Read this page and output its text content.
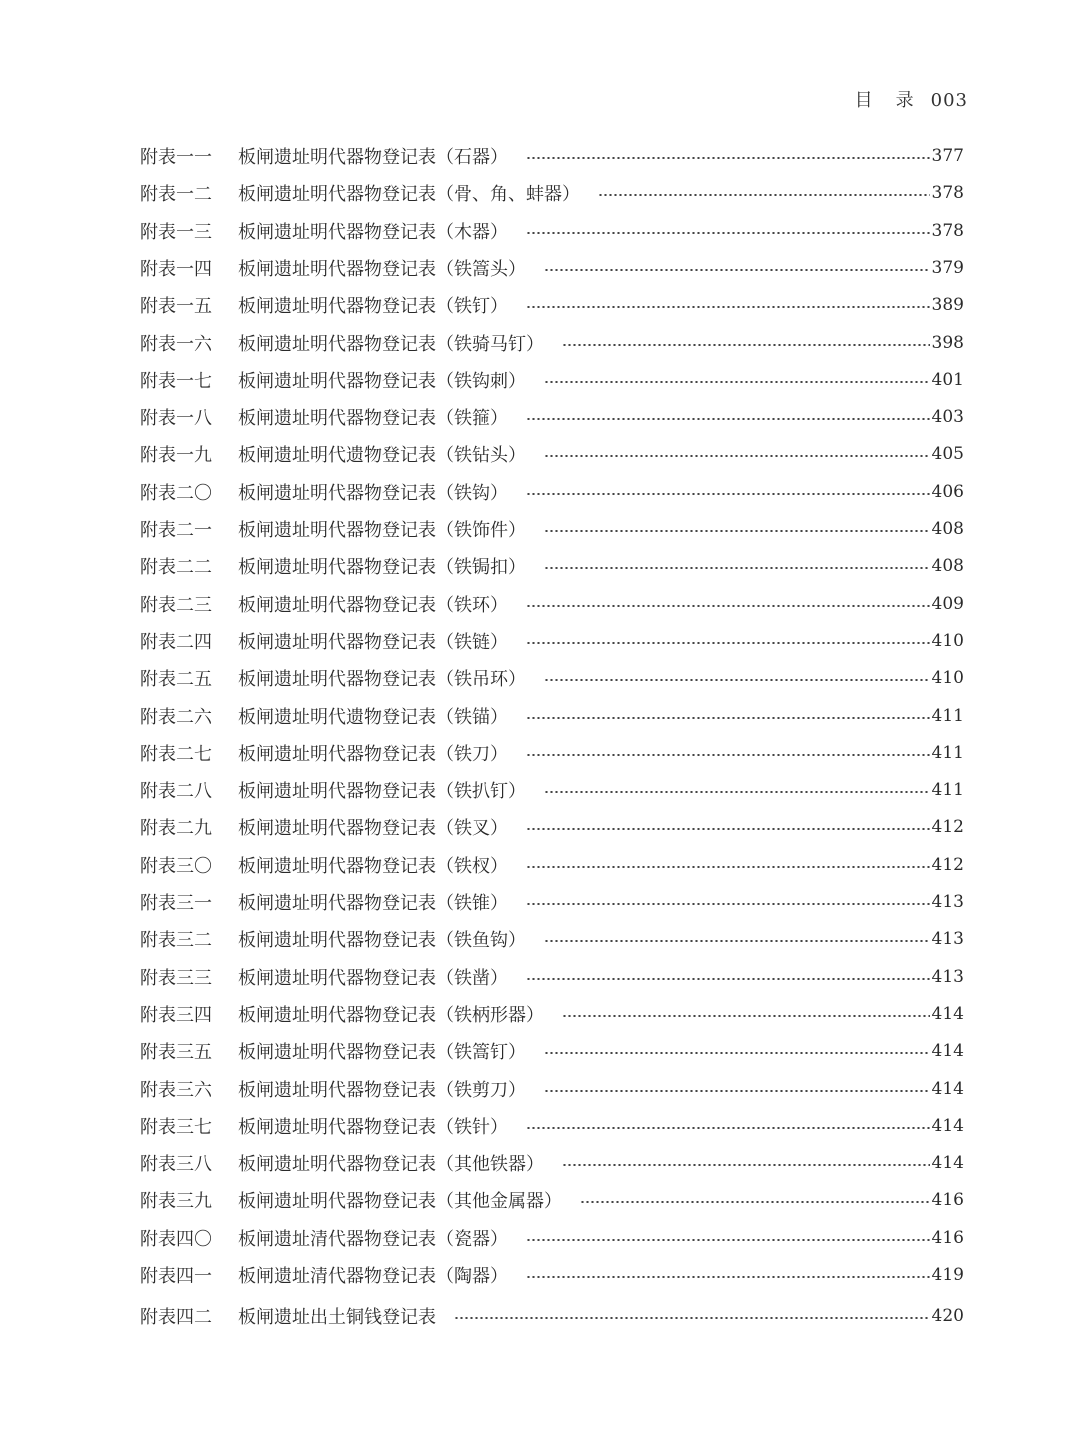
目 录 003
附表一一	板闸遗址明代器物登记表（石器）	377
附表一二	板闸遗址明代器物登记表（骨、角、蚌器）	378
附表一三	板闸遗址明代器物登记表（木器）	378
附表一四	板闸遗址明代器物登记表（铁篙头）	379
附表一五	板闸遗址明代器物登记表（铁钉）	389
附表一六	板闸遗址明代器物登记表（铁骑马钉）	398
附表一七	板闸遗址明代器物登记表（铁钩刺）	401
附表一八	板闸遗址明代器物登记表（铁箍）	403
附表一九	板闸遗址明代遗物登记表（铁钻头）	405
附表二〇	板闸遗址明代器物登记表（铁钩）	406
附表二一	板闸遗址明代器物登记表（铁饰件）	408
附表二二	板闸遗址明代器物登记表（铁锔扣）	408
附表二三	板闸遗址明代器物登记表（铁环）	409
附表二四	板闸遗址明代器物登记表（铁链）	410
附表二五	板闸遗址明代器物登记表（铁吊环）	410
附表二六	板闸遗址明代遗物登记表（铁锚）	411
附表二七	板闸遗址明代器物登记表（铁刀）	411
附表二八	板闸遗址明代器物登记表（铁扒钉）	411
附表二九	板闸遗址明代器物登记表（铁叉）	412
附表三〇	板闸遗址明代器物登记表（铁杈）	412
附表三一	板闸遗址明代器物登记表（铁锥）	413
附表三二	板闸遗址明代器物登记表（铁鱼钩）	413
附表三三	板闸遗址明代器物登记表（铁凿）	413
附表三四	板闸遗址明代器物登记表（铁柄形器）	414
附表三五	板闸遗址明代器物登记表（铁篙钉）	414
附表三六	板闸遗址明代器物登记表（铁剪刀）	414
附表三七	板闸遗址明代器物登记表（铁针）	414
附表三八	板闸遗址明代器物登记表（其他铁器）	414
附表三九	板闸遗址明代器物登记表（其他金属器）	416
附表四〇	板闸遗址清代器物登记表（瓷器）	416
附表四一	板闸遗址清代器物登记表（陶器）	419
附表四二	板闸遗址出土铜钱登记表	420
